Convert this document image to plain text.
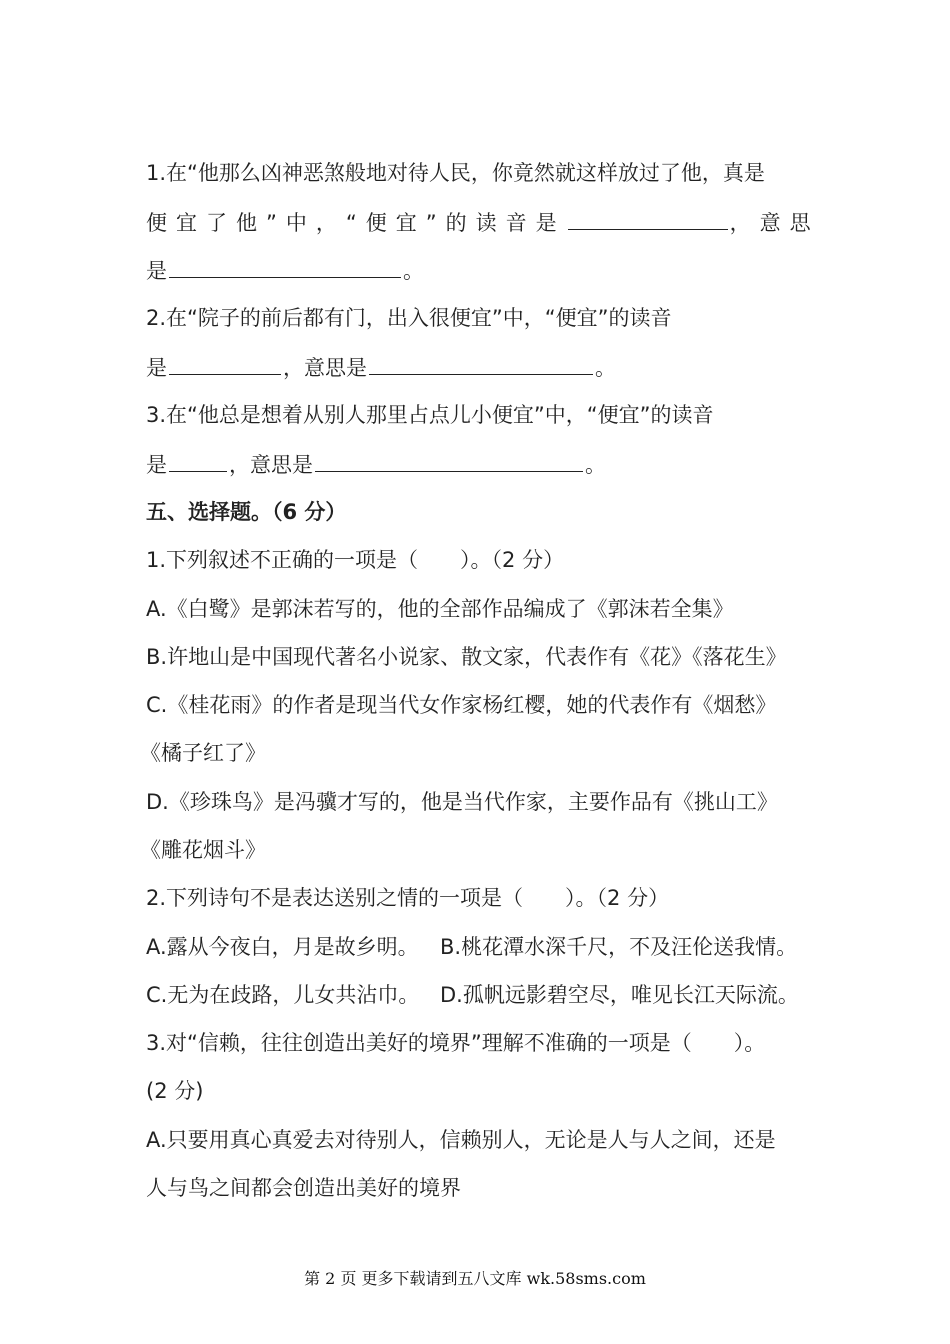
1.在“他那么凶神恶煞般地对待人民，你竟然就这样放过了他，真是
便宜了他”中，“便宜”的读音是	，意思
是	。
2.在“院子的前后都有门，出入很便宜”中，“便宜”的读音
是	，意思是	。
3.在“他总是想着从别人那里占点儿小便宜”中，“便宜”的读音
是	，意思是	。
五、选择题。（6 分）
1.下列叙述不正确的一项是（　　）。（2 分）
A.《白鹭》是郭沫若写的，他的全部作品编成了《郭沫若全集》
B.许地山是中国现代著名小说家、散文家，代表作有《花》《落花生》
C.《桂花雨》的作者是现当代女作家杨红樱，她的代表作有《烟愁》
《橘子红了》
D.《珍珠鸟》是冯骥才写的，他是当代作家，主要作品有《挑山工》
《雕花烟斗》
2.下列诗句不是表达送别之情的一项是（　　）。（2 分）
A.露从今夜白，月是故乡明。 B.桃花潭水深千尺，不及汪伦送我情。
C.无为在歧路，儿女共沾巾。 D.孤帆远影碧空尽，唯见长江天际流。
3.对“信赖，往往创造出美好的境界”理解不准确的一项是（　　）。
(2 分)
A.只要用真心真爱去对待别人，信赖别人，无论是人与人之间，还是
人与鸟之间都会创造出美好的境界
第 2 页 更多下载请到五八文库 wk.58sms.com
